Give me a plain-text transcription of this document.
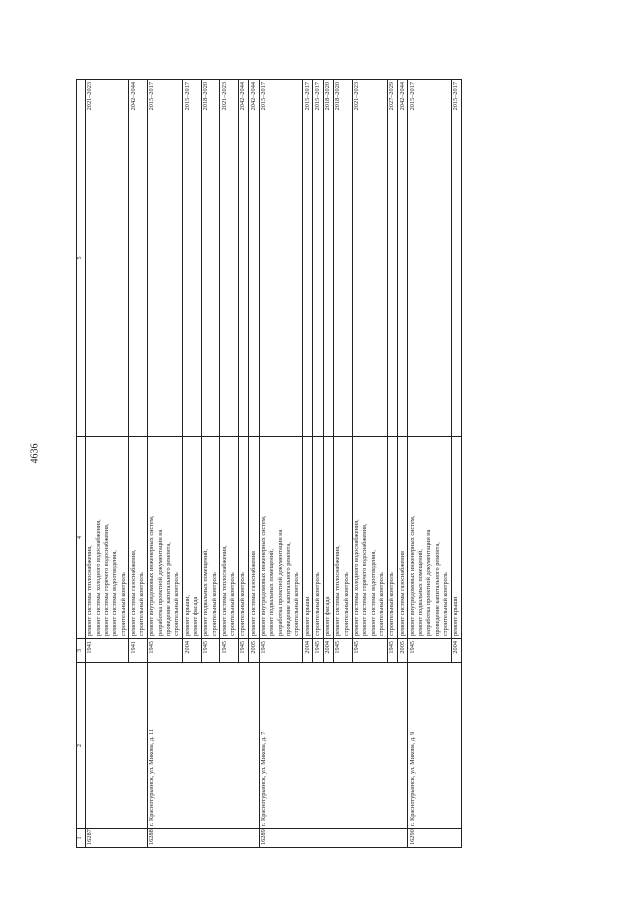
4636
1	2	3	4	5
16287.		1941	ремонт системы теплоснабжения,
ремонт системы холодного водоснабжения,
ремонт системы горячего водоснабжения,
ремонт системы водоотведения,
строительный контроль	2021–2023
		1941	ремонт системы газоснабжения,
строительный контроль	2042–2044
16288.	г. Краснотурьинск, ул. Микова, д. 11	1945	ремонт внутридомовых инженерных систем,
разработка проектной документации на
проведение капитального ремонта,
строительный контроль	2015–2017
		2004	ремонт крыши,
ремонт фасада	2015–2017
		1945	ремонт подвальных помещений,
строительный контроль	2018–2020
		1945	ремонт системы теплоснабжения,
строительный контроль	2021–2023
		1945	строительный контроль	2042–2044
		2005	ремонт системы газоснабжения	2042–2044
16289.	г. Краснотурьинск, ул. Микова, д. 7	1945	ремонт внутридомовых инженерных систем,
ремонт подвальных помещений,
разработка проектной документации на
проведение капитального ремонта,
строительный контроль	2015–2017
		2004	ремонт крыши	2015–2017
		1945	строительный контроль	2015–2017
		2004	ремонт фасада	2018–2020
		1945	ремонт системы теплоснабжения,
строительный контроль	2018–2020
		1945	ремонт системы холодного водоснабжения,
ремонт системы горячего водоснабжения,
ремонт системы водоотведения,
строительный контроль	2021–2023
		1945	строительный контроль	2027–2029
		2005	ремонт системы газоснабжения	2042–2044
16290.	г. Краснотурьинск, ул. Микова, д. 9	1945	ремонт внутридомовых инженерных систем,
ремонт подвальных помещений,
разработка проектной документации на
проведение капитального ремонта,
строительный контроль	2015–2017
		2004	ремонт крыши	2015–2017
